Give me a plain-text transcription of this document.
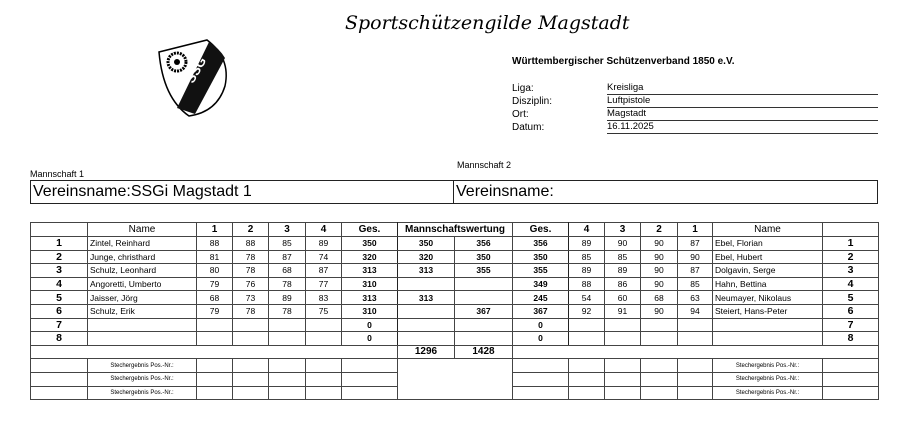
SSG
Sportschützengilde Magstadt
Württembergischer Schützenverband 1850 e.V.
Liga:	Kreisliga
Disziplin:	Luftpistole
Ort:	Magstadt
Datum:	16.11.2025
Mannschaft 1
Mannschaft 2
Vereinsname:SSGi Magstadt 1	Vereinsname:
	Name	1	2	3	4	Ges.	Mannschaftswertung		Ges.	4	3	2	1	Name	
1	Zintel, Reinhard	88	88	85	89	350	350	356	356	89	90	90	87	Ebel, Florian	1
2	Junge, christhard	81	78	87	74	320	320	350	350	85	85	90	90	Ebel, Hubert	2
3	Schulz, Leonhard	80	78	68	87	313	313	355	355	89	89	90	87	Dolgavin, Serge	3
4	Angoretti, Umberto	79	76	78	77	310			349	88	86	90	85	Hahn, Bettina	4
5	Jaisser, Jörg	68	73	89	83	313	313		245	54	60	68	63	Neumayer, Nikolaus	5
6	Schulz, Erik	79	78	78	75	310		367	367	92	91	90	94	Steiert, Hans-Peter	6
7						0			0						7
8						0			0						8
							1296	1428							
	Stechergebnis Pos.-Nr.:													Stechergebnis Pos.-Nr.:	
	Stechergebnis Pos.-Nr.:													Stechergebnis Pos.-Nr.:	
	Stechergebnis Pos.-Nr.:													Stechergebnis Pos.-Nr.:	
